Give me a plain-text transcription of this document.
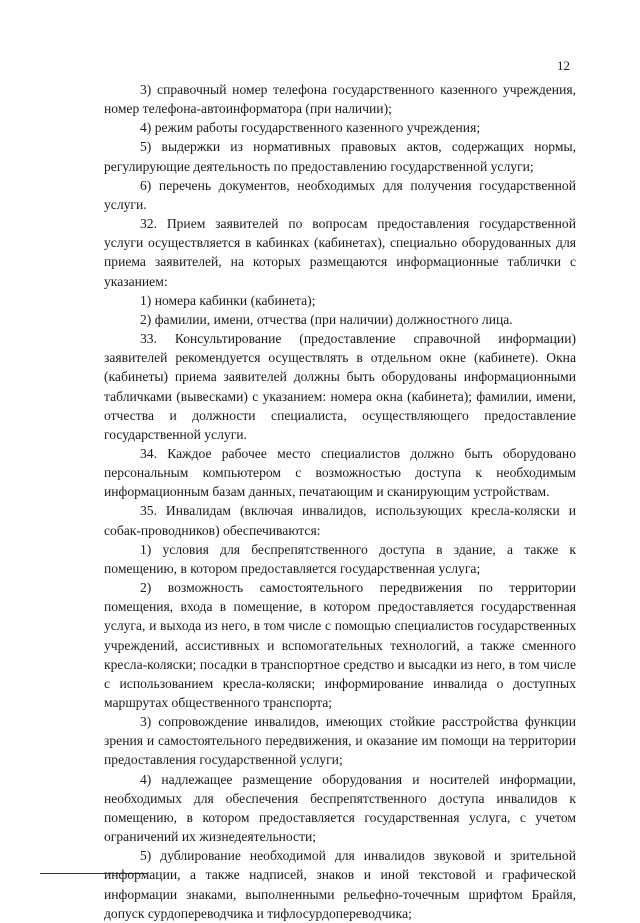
12

3) справочный номер телефона государственного казенного учреждения, номер телефона-автоинформатора (при наличии);

4) режим работы государственного казенного учреждения;

5) выдержки из нормативных правовых актов, содержащих нормы, регулирующие деятельность по предоставлению государственной услуги;

6) перечень документов, необходимых для получения государственной услуги.

32. Прием заявителей по вопросам предоставления государственной услуги осуществляется в кабинках (кабинетах), специально оборудованных для приема заявителей, на которых размещаются информационные таблички с указанием:

1) номера кабинки (кабинета);

2) фамилии, имени, отчества (при наличии) должностного лица.

33. Консультирование (предоставление справочной информации) заявителей рекомендуется осуществлять в отдельном окне (кабинете). Окна (кабинеты) приема заявителей должны быть оборудованы информационными табличками (вывесками) с указанием: номера окна (кабинета); фамилии, имени, отчества и должности специалиста, осуществляющего предоставление государственной услуги.

34. Каждое рабочее место специалистов должно быть оборудовано персональным компьютером с возможностью доступа к необходимым информационным базам данных, печатающим и сканирующим устройствам.

35. Инвалидам (включая инвалидов, использующих кресла-коляски и собак-проводников) обеспечиваются:

1) условия для беспрепятственного доступа в здание, а также к помещению, в котором предоставляется государственная услуга;

2) возможность самостоятельного передвижения по территории помещения, входа в помещение, в котором предоставляется государственная услуга, и выхода из него, в том числе с помощью специалистов государственных учреждений, ассистивных и вспомогательных технологий, а также сменного кресла-коляски; посадки в транспортное средство и высадки из него, в том числе с использованием кресла-коляски; информирование инвалида о доступных маршрутах общественного транспорта;

3) сопровождение инвалидов, имеющих стойкие расстройства функции зрения и самостоятельного передвижения, и оказание им помощи на территории предоставления государственной услуги;

4) надлежащее размещение оборудования и носителей информации, необходимых для обеспечения беспрепятственного доступа инвалидов к помещению, в котором предоставляется государственная услуга, с учетом ограничений их жизнедеятельности;

5) дублирование необходимой для инвалидов звуковой и зрительной информации, а также надписей, знаков и иной текстовой и графической информации знаками, выполненными рельефно-точечным шрифтом Брайля, допуск сурдопереводчика и тифлосурдопереводчика;
